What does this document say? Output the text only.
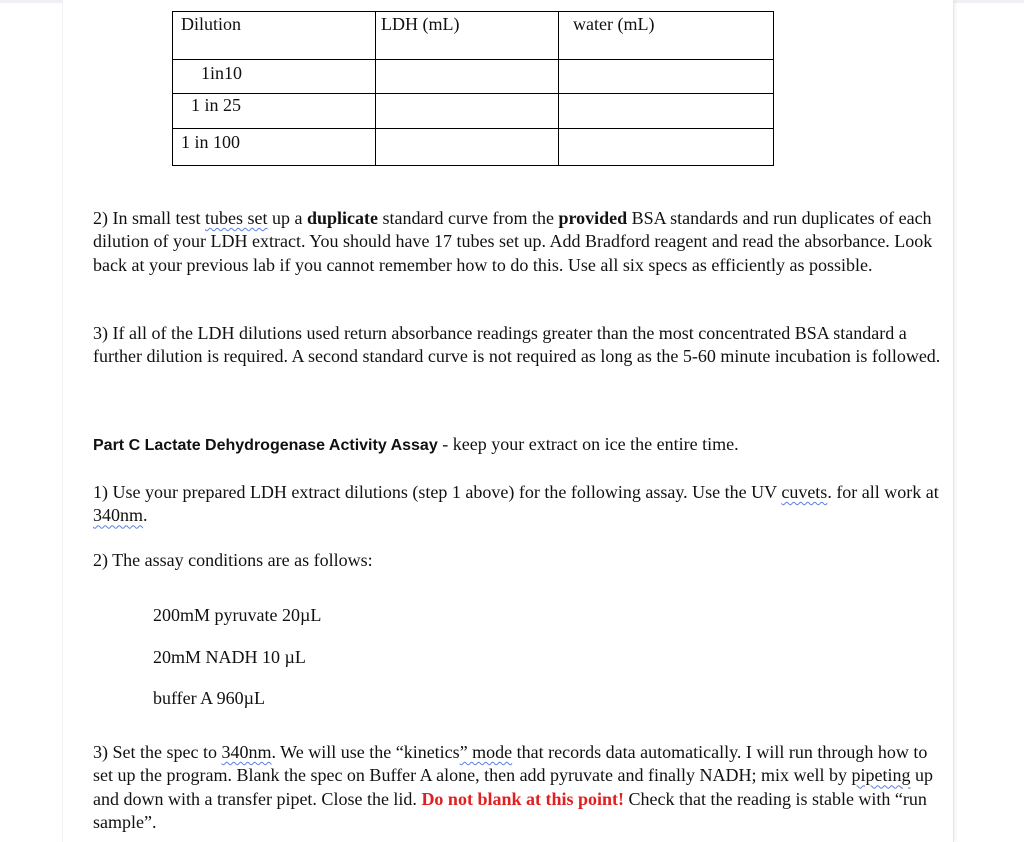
Dilution	LDH (mL)	water (mL)
1in10		
1 in 25		
1 in 100		
2) In small test tubes set up a duplicate standard curve from the provided BSA standards and run duplicates of each dilution of your LDH extract. You should have 17 tubes set up. Add Bradford reagent and read the absorbance. Look back at your previous lab if you cannot remember how to do this. Use all six specs as efficiently as possible.
3) If all of the LDH dilutions used return absorbance readings greater than the most concentrated BSA standard a further dilution is required. A second standard curve is not required as long as the 5-60 minute incubation is followed.
Part C Lactate Dehydrogenase Activity Assay - keep your extract on ice the entire time.
1) Use your prepared LDH extract dilutions (step 1 above) for the following assay. Use the UV cuvets. for all work at 340nm.
2) The assay conditions are as follows:
200mM pyruvate 20µL
20mM NADH 10 µL
buffer A 960µL
3) Set the spec to 340nm. We will use the “kinetics” mode that records data automatically. I will run through how to set up the program. Blank the spec on Buffer A alone, then add pyruvate and finally NADH; mix well by pipeting up and down with a transfer pipet. Close the lid. Do not blank at this point! Check that the reading is stable with “run sample”.
